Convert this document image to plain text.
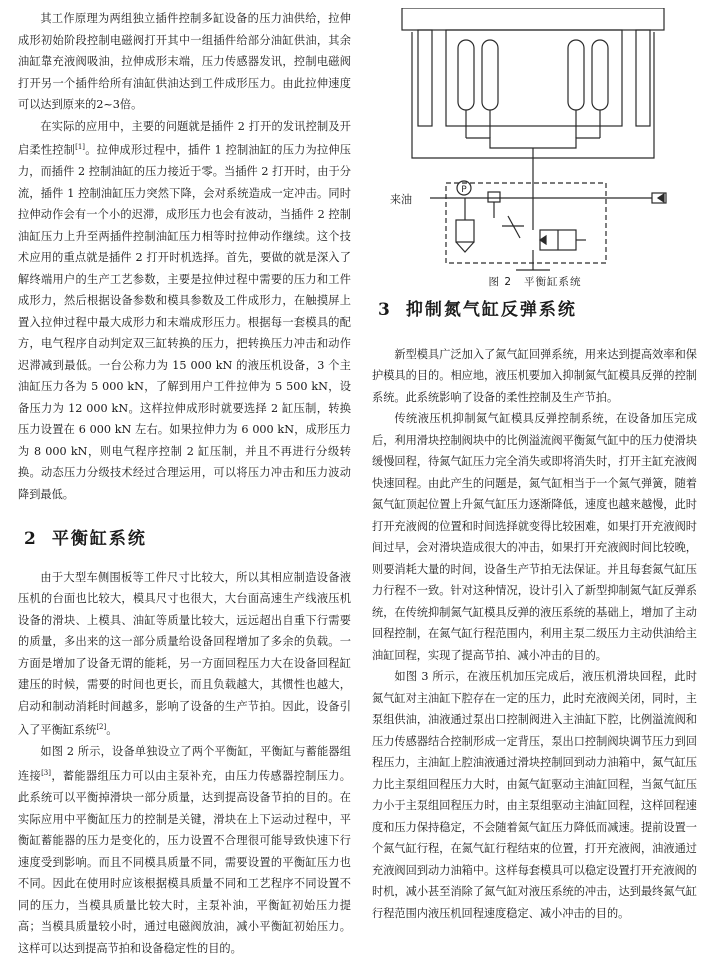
其工作原理为两组独立插件控制多缸设备的压力油供给，拉伸成形初始阶段控制电磁阀打开其中一组插件给部分油缸供油，其余油缸靠充液阀吸油，拉伸成形末端，压力传感器发讯，控制电磁阀打开另一个插件给所有油缸供油达到工件成形压力。由此拉伸速度可以达到原来的2~3倍。

在实际的应用中，主要的问题就是插件 2 打开的发讯控制及开启柔性控制[1]。拉伸成形过程中，插件 1 控制油缸的压力为拉伸压力，而插件 2 控制油缸的压力接近于零。当插件 2 打开时，由于分流，插件 1 控制油缸压力突然下降，会对系统造成一定冲击。同时拉伸动作会有一个小的迟滞，成形压力也会有波动，当插件 2 控制油缸压力上升至两插件控制油缸压力相等时拉伸动作继续。这个技术应用的重点就是插件 2 打开时机选择。首先，要做的就是深入了解终端用户的生产工艺参数，主要是拉伸过程中需要的压力和工件成形力，然后根据设备参数和模具参数及工件成形力，在触摸屏上置入拉伸过程中最大成形力和末端成形压力。根据每一套模具的配方，电气程序自动判定双三缸转换的压力，把转换压力冲击和动作迟滞减到最低。一台公称力为 15 000 kN 的液压机设备，3 个主油缸压力各为 5 000 kN，了解到用户工件拉伸为 5 500 kN，设备压力为 12 000 kN。这样拉伸成形时就要选择 2 缸压制，转换压力设置在 6 000 kN 左右。如果拉伸力为 6 000 kN，成形压力为 8 000 kN，则电气程序控制 2 缸压制，并且不再进行分级转换。动态压力分级技术经过合理运用，可以将压力冲击和压力波动降到最低。

2 平衡缸系统

由于大型车侧围板等工件尺寸比较大，所以其相应制造设备液压机的台面也比较大，模具尺寸也很大，大台面高速生产线液压机设备的滑块、上模具、油缸等质量比较大，远远超出自重下行需要的质量，多出来的这一部分质量给设备回程增加了多余的负载。一方面是增加了设备无谓的能耗，另一方面回程压力大在设备回程缸建压的时候，需要的时间也更长，而且负载越大，其惯性也越大，启动和制动消耗时间越多，影响了设备的生产节拍。因此，设备引入了平衡缸系统[2]。

如图 2 所示，设备单独设立了两个平衡缸，平衡缸与蓄能器组连接[3]，蓄能器组压力可以由主泵补充，由压力传感器控制压力。此系统可以平衡掉滑块一部分质量，达到提高设备节拍的目的。在实际应用中平衡缸压力的控制是关键，滑块在上下运动过程中，平衡缸蓄能器的压力是变化的，压力设置不合理很可能导致快速下行速度受到影响。而且不同模具质量不同，需要设置的平衡缸压力也不同。因此在使用时应该根据模具质量不同和工艺程序不同设置不同的压力，当模具质量比较大时，主泵补油，平衡缸初始压力提高；当模具质量较小时，通过电磁阀放油，减小平衡缸初始压力。这样可以达到提高节拍和设备稳定性的目的。

P
来油
图 2 平衡缸系统
3 抑制氮气缸反弹系统

新型模具广泛加入了氮气缸回弹系统，用来达到提高效率和保护模具的目的。相应地，液压机要加入抑制氮气缸模具反弹的控制系统。此系统影响了设备的柔性控制及生产节拍。

传统液压机抑制氮气缸模具反弹控制系统，在设备加压完成后，利用滑块控制阀块中的比例溢流阀平衡氮气缸中的压力使滑块缓慢回程，待氮气缸压力完全消失或即将消失时，打开主缸充液阀快速回程。由此产生的问题是，氮气缸相当于一个氮气弹簧，随着氮气缸顶起位置上升氮气缸压力逐渐降低，速度也越来越慢，此时打开充液阀的位置和时间选择就变得比较困难，如果打开充液阀时间过早，会对滑块造成很大的冲击，如果打开充液阀时间比较晚，则要消耗大量的时间，设备生产节拍无法保证。并且每套氮气缸压力行程不一致。针对这种情况，设计引入了新型抑制氮气缸反弹系统，在传统抑制氮气缸模具反弹的液压系统的基础上，增加了主动回程控制，在氮气缸行程范围内，利用主泵二级压力主动供油给主油缸回程，实现了提高节拍、减小冲击的目的。

如图 3 所示，在液压机加压完成后，液压机滑块回程，此时氮气缸对主油缸下腔存在一定的压力，此时充液阀关闭，同时，主泵组供油，油液通过泵出口控制阀进入主油缸下腔，比例溢流阀和压力传感器结合控制形成一定背压，泵出口控制阀块调节压力到回程压力，主油缸上腔油液通过滑块控制回到动力油箱中，氮气缸压力比主泵组回程压力大时，由氮气缸驱动主油缸回程，当氮气缸压力小于主泵组回程压力时，由主泵组驱动主油缸回程，这样回程速度和压力保持稳定，不会随着氮气缸压力降低而减速。提前设置一个氮气缸行程，在氮气缸行程结束的位置，打开充液阀，油液通过充液阀回到动力油箱中。这样每套模具可以稳定设置打开充液阀的时机，减小甚至消除了氮气缸对液压系统的冲击，达到最终氮气缸行程范围内液压机回程速度稳定、减小冲击的目的。
